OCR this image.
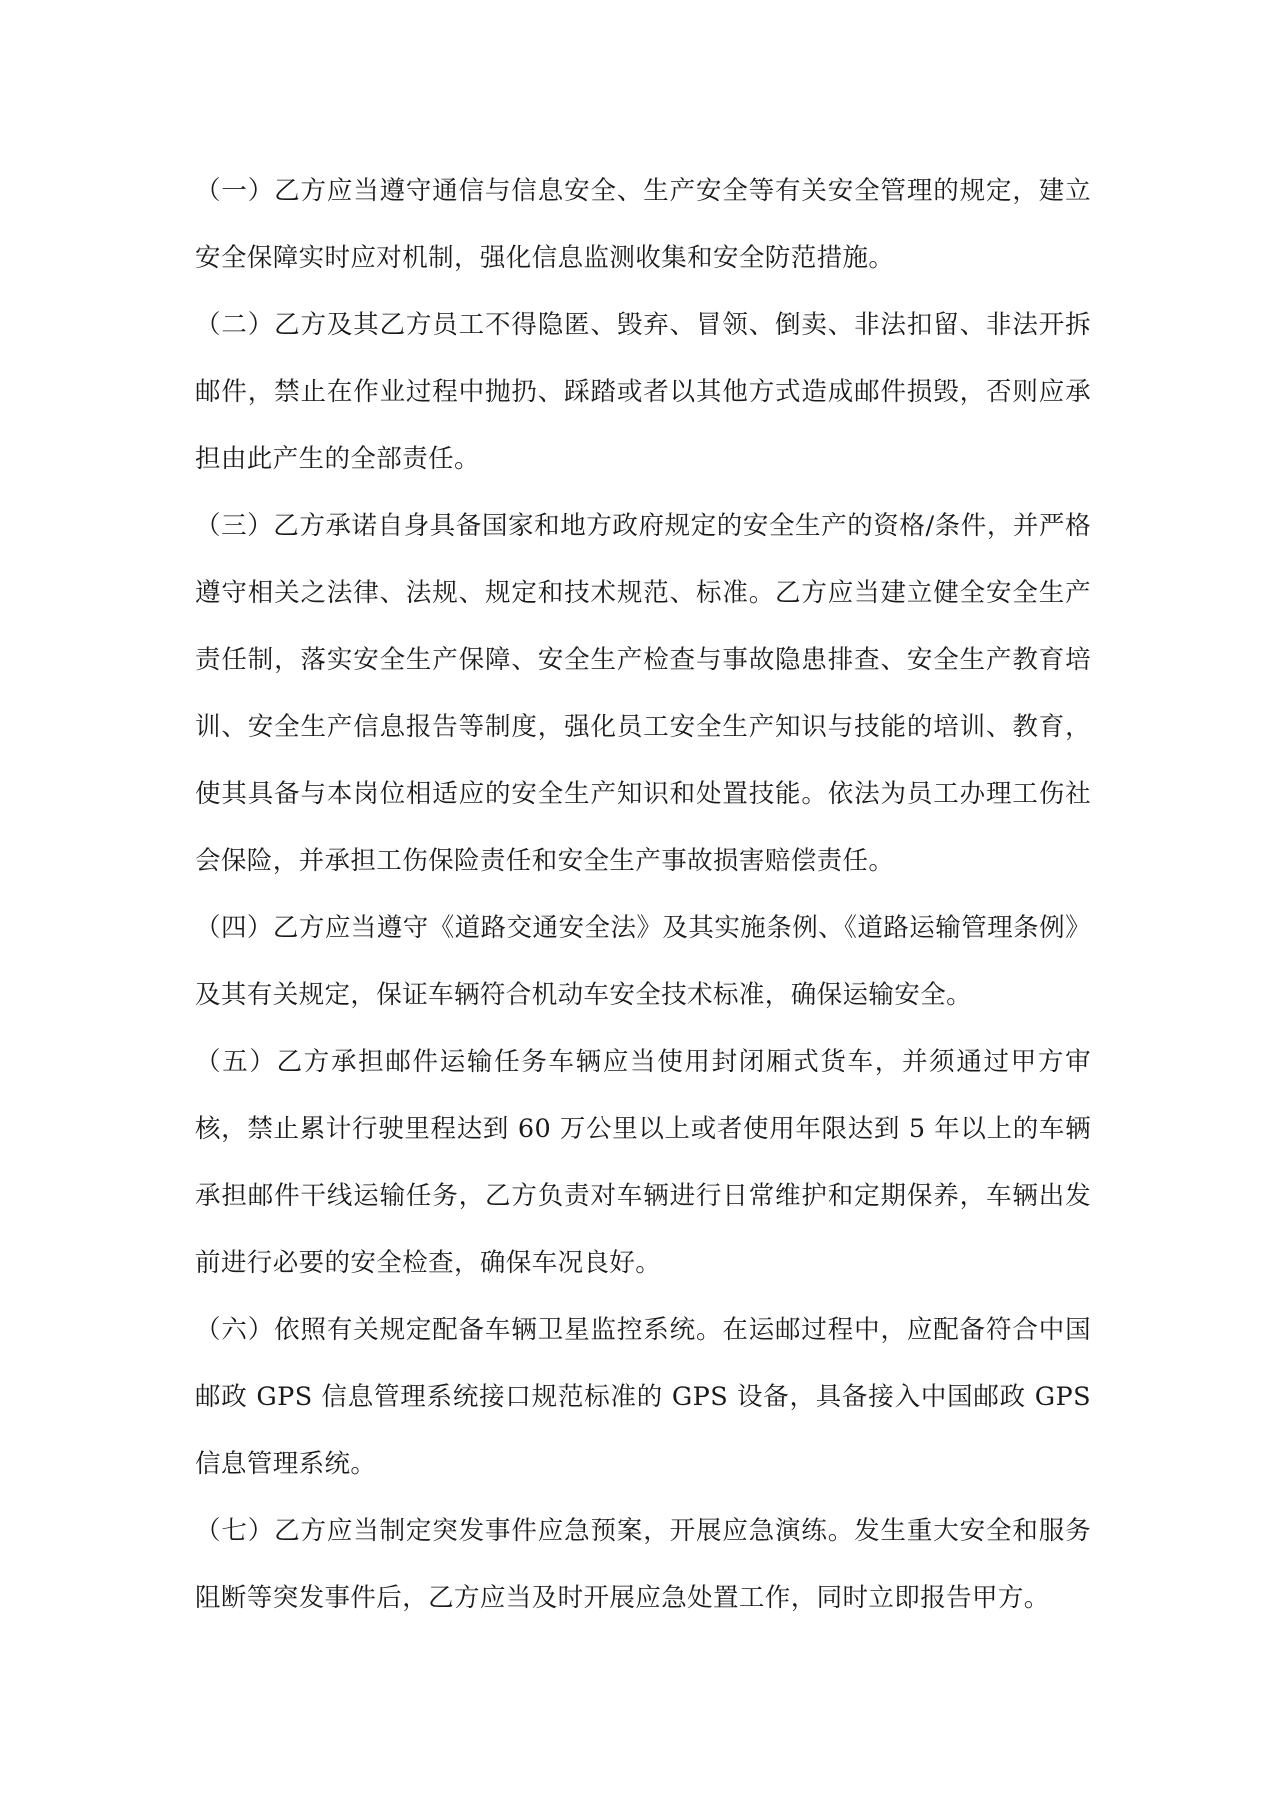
（一）乙方应当遵守通信与信息安全、生产安全等有关安全管理的规定，建立安全保障实时应对机制，强化信息监测收集和安全防范措施。

（二）乙方及其乙方员工不得隐匿、毁弃、冒领、倒卖、非法扣留、非法开拆邮件，禁止在作业过程中抛扔、踩踏或者以其他方式造成邮件损毁，否则应承担由此产生的全部责任。

（三）乙方承诺自身具备国家和地方政府规定的安全生产的资格/条件，并严格遵守相关之法律、法规、规定和技术规范、标准。乙方应当建立健全安全生产责任制，落实安全生产保障、安全生产检查与事故隐患排查、安全生产教育培训、安全生产信息报告等制度，强化员工安全生产知识与技能的培训、教育，使其具备与本岗位相适应的安全生产知识和处置技能。依法为员工办理工伤社会保险，并承担工伤保险责任和安全生产事故损害赔偿责任。

（四）乙方应当遵守《道路交通安全法》及其实施条例、《道路运输管理条例》及其有关规定，保证车辆符合机动车安全技术标准，确保运输安全。

（五）乙方承担邮件运输任务车辆应当使用封闭厢式货车，并须通过甲方审核，禁止累计行驶里程达到 60 万公里以上或者使用年限达到 5 年以上的车辆承担邮件干线运输任务，乙方负责对车辆进行日常维护和定期保养，车辆出发前进行必要的安全检查，确保车况良好。

（六）依照有关规定配备车辆卫星监控系统。在运邮过程中，应配备符合中国邮政 GPS 信息管理系统接口规范标准的 GPS 设备，具备接入中国邮政 GPS 信息管理系统。

（七）乙方应当制定突发事件应急预案，开展应急演练。发生重大安全和服务阻断等突发事件后，乙方应当及时开展应急处置工作，同时立即报告甲方。
